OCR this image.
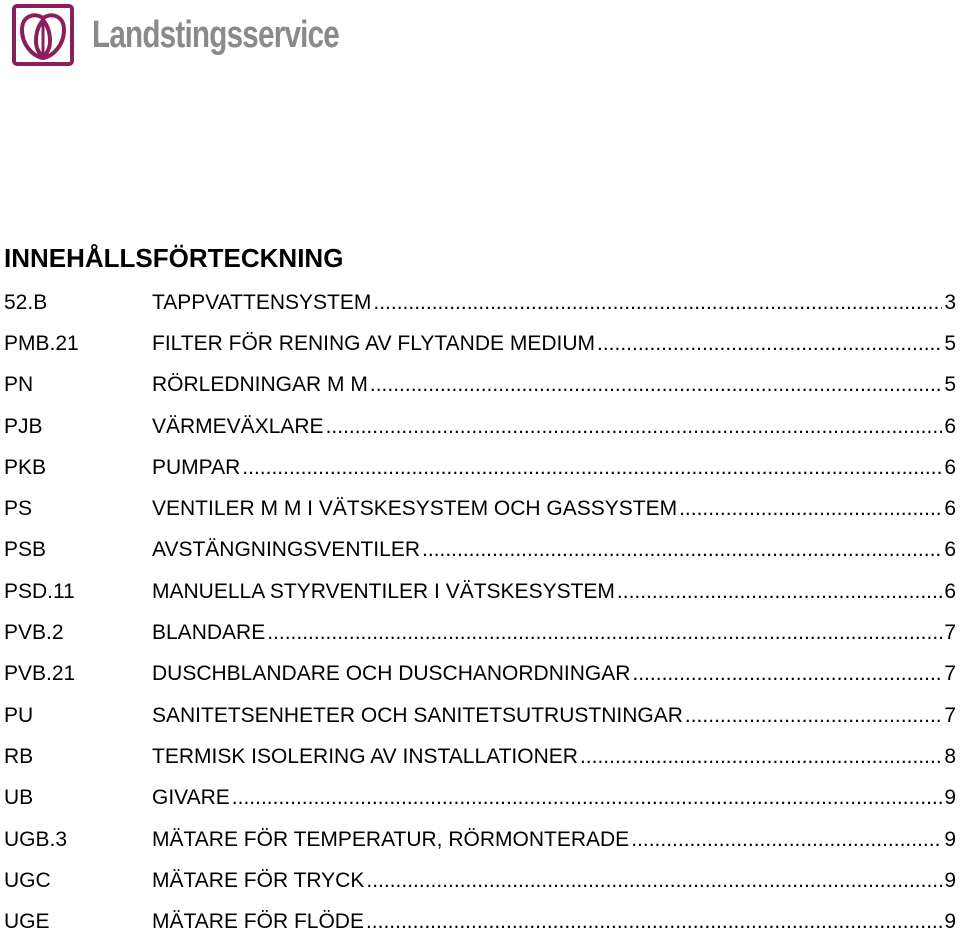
Landstingsservice
INNEHÅLLSFÖRTECKNING
52.B	TAPPVATTENSYSTEM .....	3
PMB.21	FILTER FÖR RENING AV FLYTANDE MEDIUM .....	5
PN	RÖRLEDNINGAR M M .....	5
PJB	VÄRMEVÄXLARE .....	6
PKB	PUMPAR .....	6
PS	VENTILER M M I VÄTSKESYSTEM OCH GASSYSTEM .....	6
PSB	AVSTÄNGNINGSVENTILER .....	6
PSD.11	MANUELLA STYRVENTILER I VÄTSKESYSTEM .....	6
PVB.2	BLANDARE .....	7
PVB.21	DUSCHBLANDARE OCH DUSCHANORDNINGAR .....	7
PU	SANITETSENHETER OCH SANITETSUTRUSTNINGAR .....	7
RB	TERMISK ISOLERING AV INSTALLATIONER .....	8
UB	GIVARE .....	9
UGB.3	MÄTARE FÖR TEMPERATUR, RÖRMONTERADE .....	9
UGC	MÄTARE FÖR TRYCK .....	9
UGE	MÄTARE FÖR FLÖDE .....	9
